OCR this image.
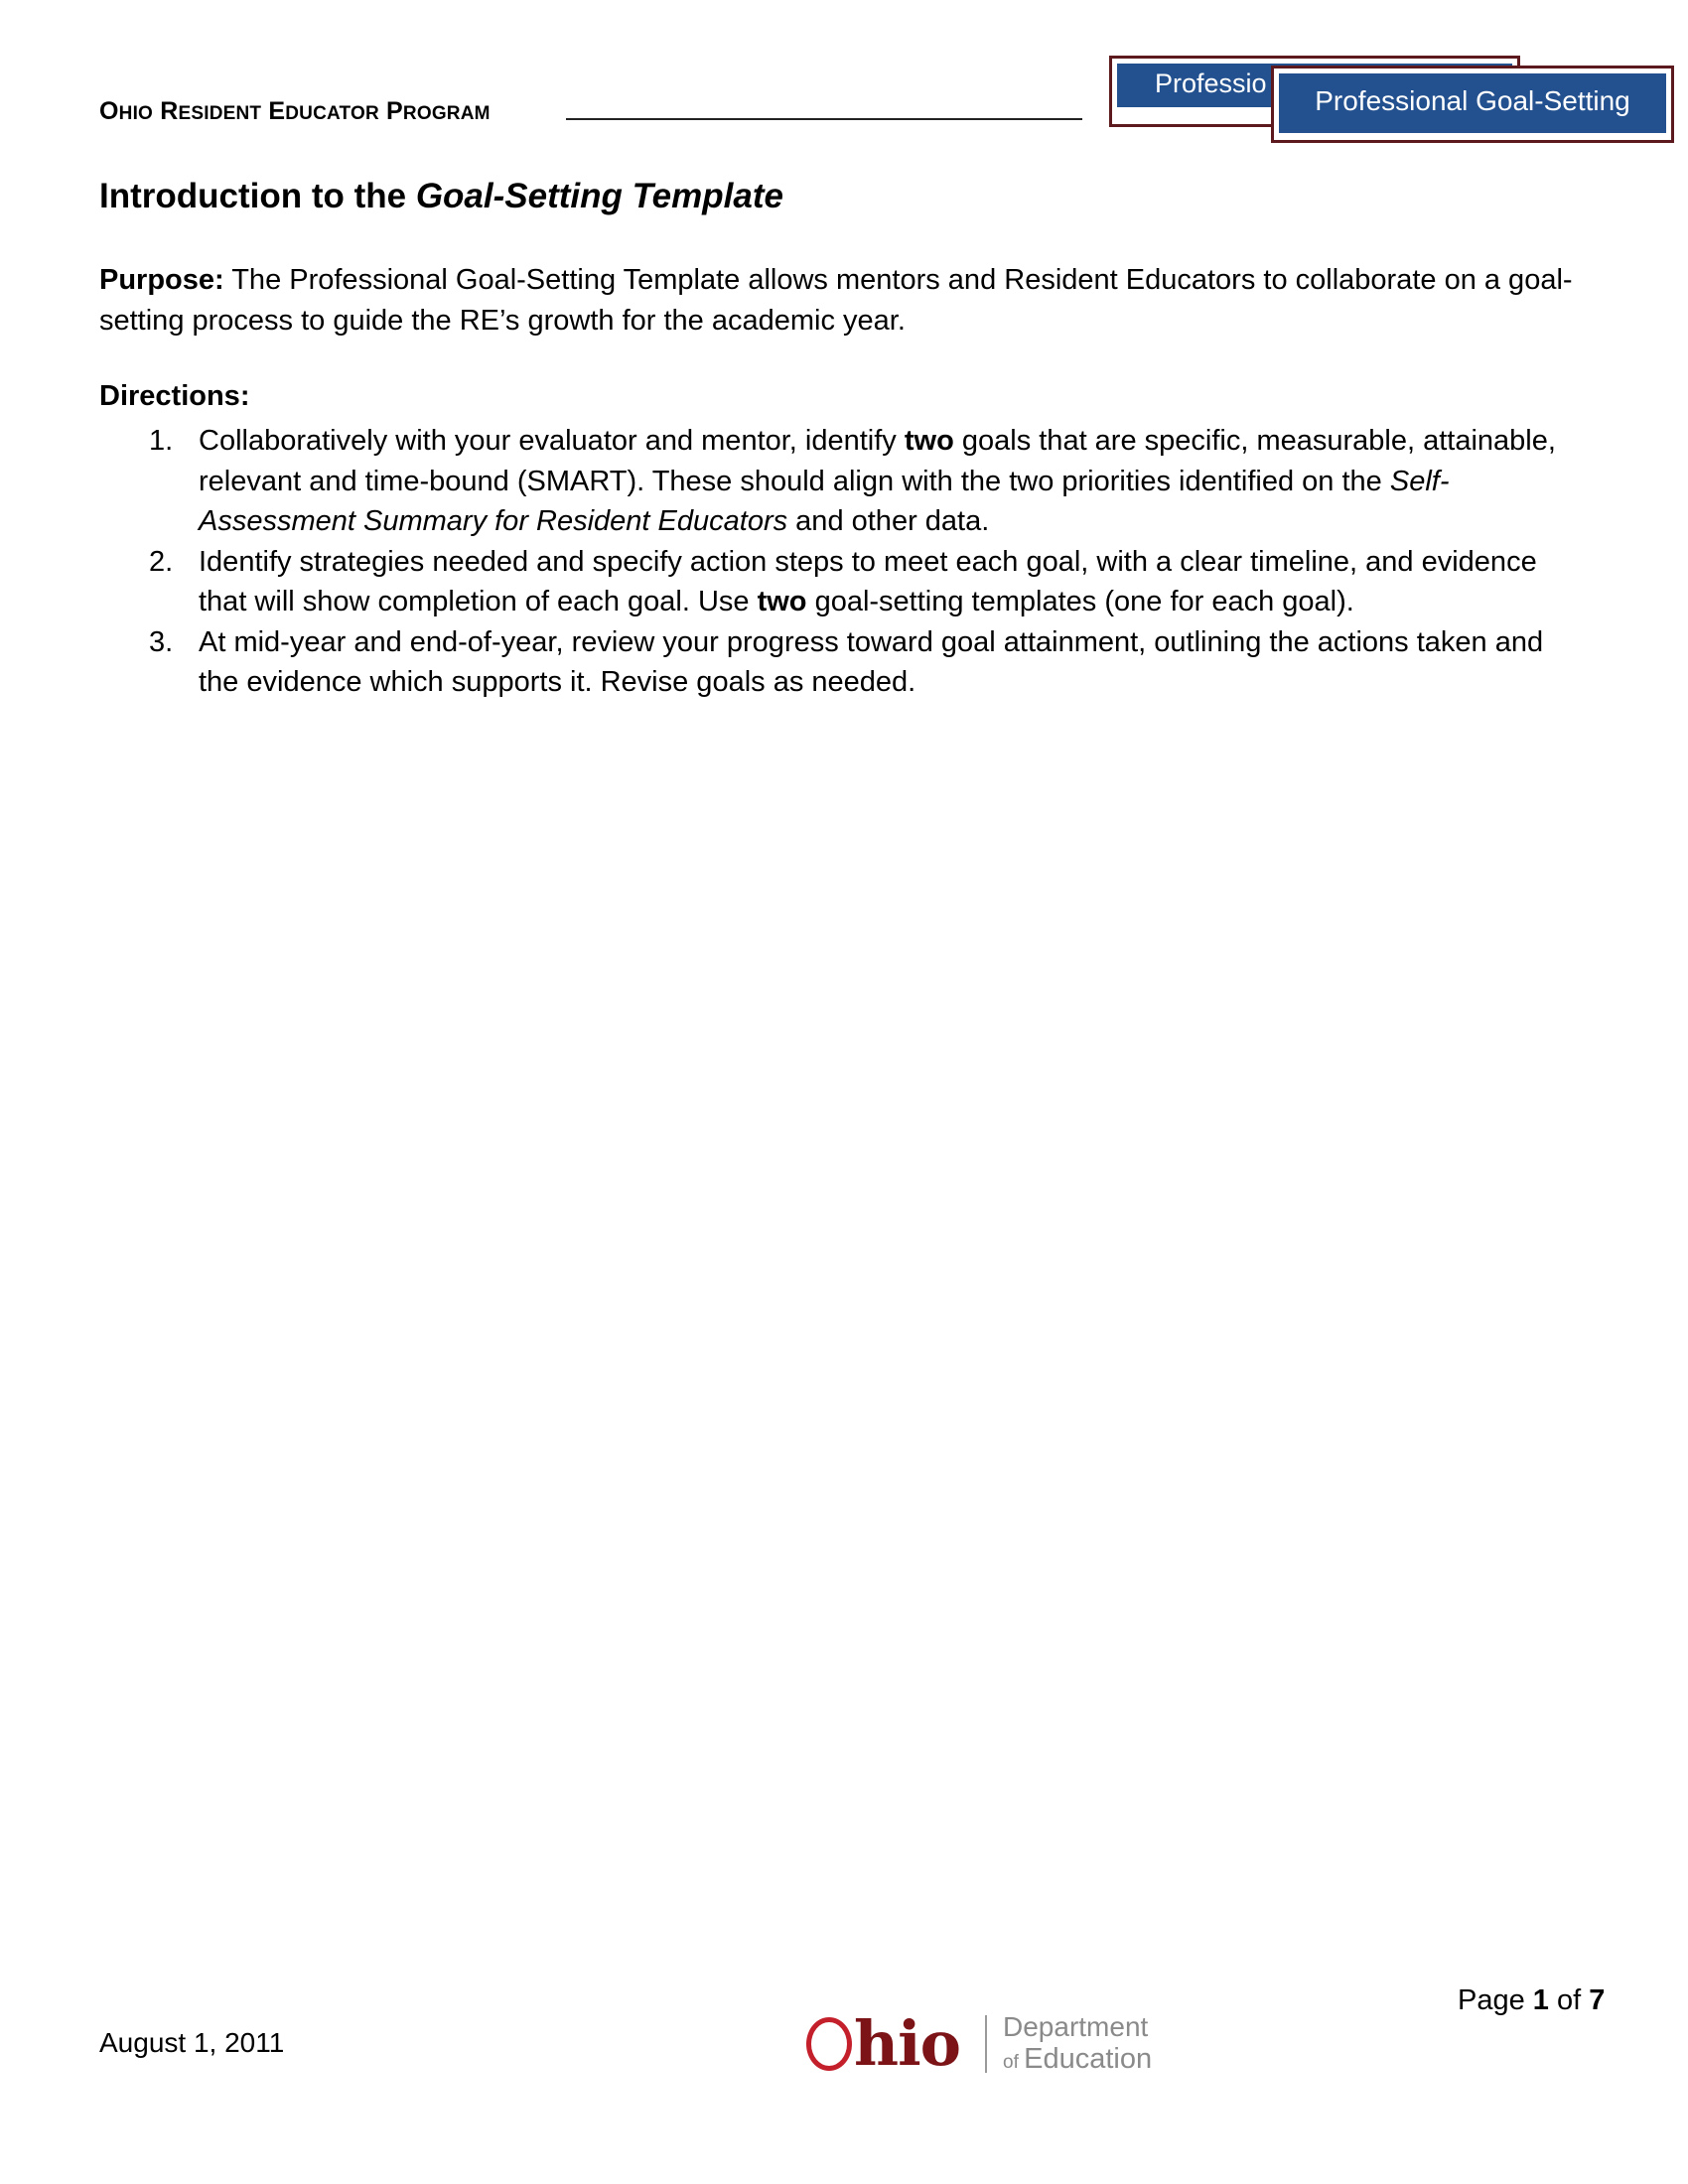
OHIO RESIDENT EDUCATOR PROGRAM
Professio
Professional Goal-Setting
Introduction to the Goal-Setting Template
Purpose: The Professional Goal-Setting Template allows mentors and Resident Educators to collaborate on a goal-setting process to guide the RE’s growth for the academic year.
Directions:
1. Collaboratively with your evaluator and mentor, identify two goals that are specific, measurable, attainable, relevant and time-bound (SMART). These should align with the two priorities identified on the Self-Assessment Summary for Resident Educators and other data.
2. Identify strategies needed and specify action steps to meet each goal, with a clear timeline, and evidence that will show completion of each goal. Use two goal-setting templates (one for each goal).
3. At mid-year and end-of-year, review your progress toward goal attainment, outlining the actions taken and the evidence which supports it. Revise goals as needed.
Page 1 of 7
August 1, 2011	hio Department
of Education
